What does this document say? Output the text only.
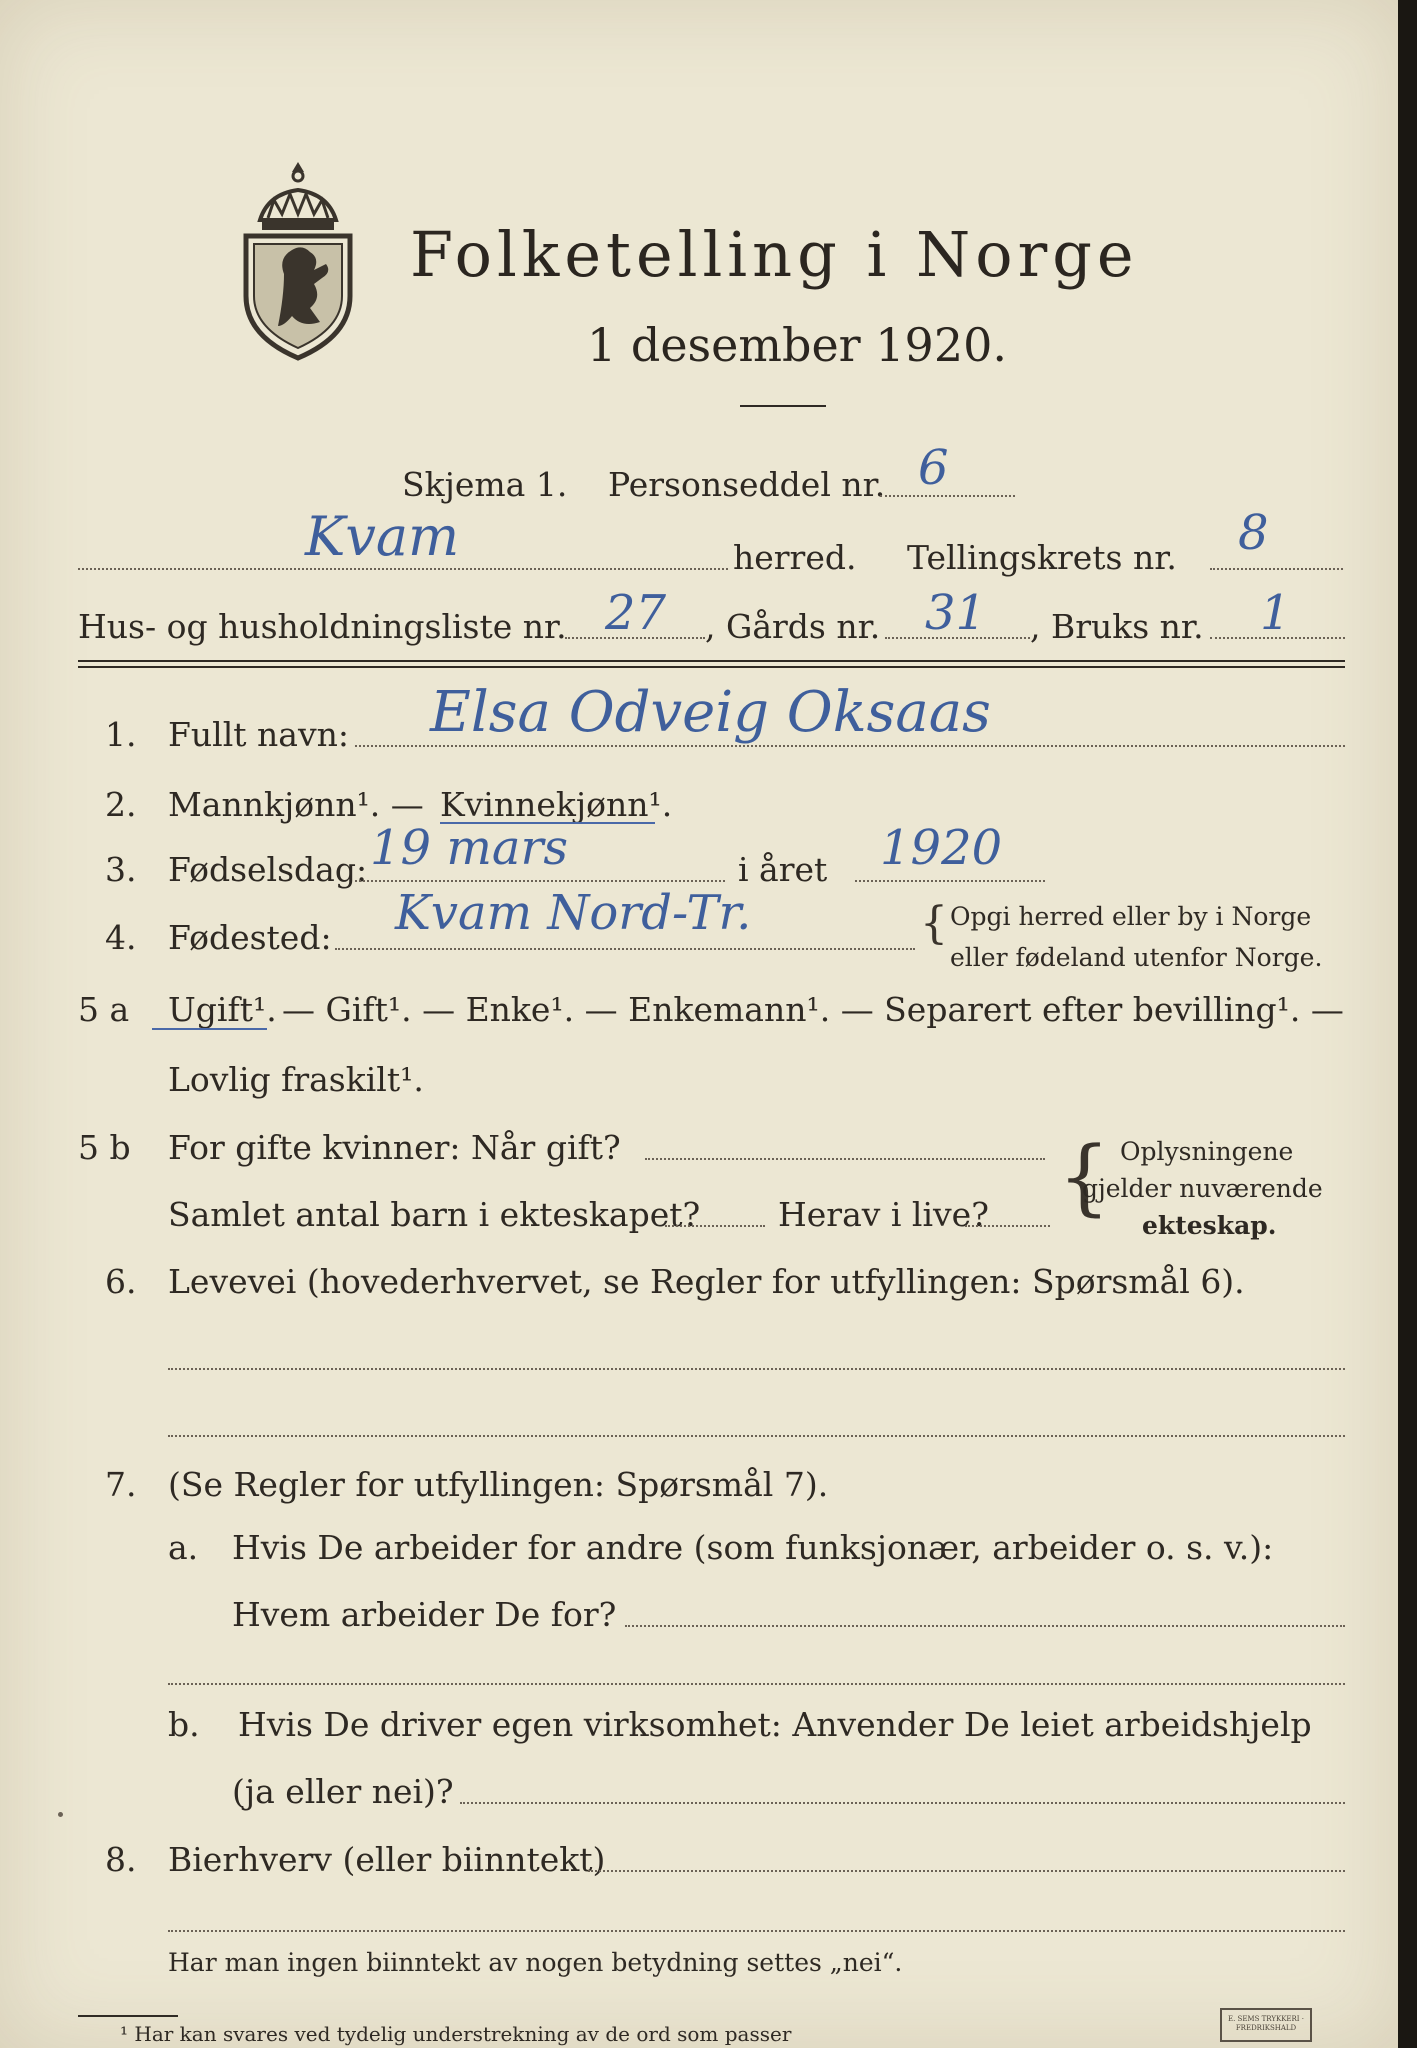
Folketelling i Norge
1 desember 1920.
Skjema 1. Personseddel nr. 6
Kvam	herred. Tellingskrets nr. 8
Hus- og husholdningsliste nr. 27 , Gårds nr. 31 , Bruks nr. 1
1. Fullt navn: Elsa Odveig Oksaas
2. Mannkjønn¹. — Kvinnekjønn¹.
3. Fødselsdag: 19 mars	i året 1920
4. Fødested: Kvam Nord-Tr.	{ Opgi herred eller by i Norge
eller fødeland utenfor Norge.
5 a Ugift¹. — Gift¹. — Enke¹. — Enkemann¹. — Separert efter bevilling¹. —
Lovlig fraskilt¹.
5 b For gifte kvinner: Når gift?
Samlet antal barn i ekteskapet? Herav i live? { Oplysningene
gjelder nuværende
ekteskap.
6. Levevei (hovederhvervet, se Regler for utfyllingen: Spørsmål 6).
7. (Se Regler for utfyllingen: Spørsmål 7).
a. Hvis De arbeider for andre (som funksjonær, arbeider o. s. v.):
Hvem arbeider De for?
b. Hvis De driver egen virksomhet: Anvender De leiet arbeidshjelp
(ja eller nei)?
8. Bierhverv (eller biinntekt)
Har man ingen biinntekt av nogen betydning settes „nei“.
¹ Har kan svares ved tydelig understrekning av de ord som passer
E. SEMS TRYKKERI · FREDRIKSHALD
